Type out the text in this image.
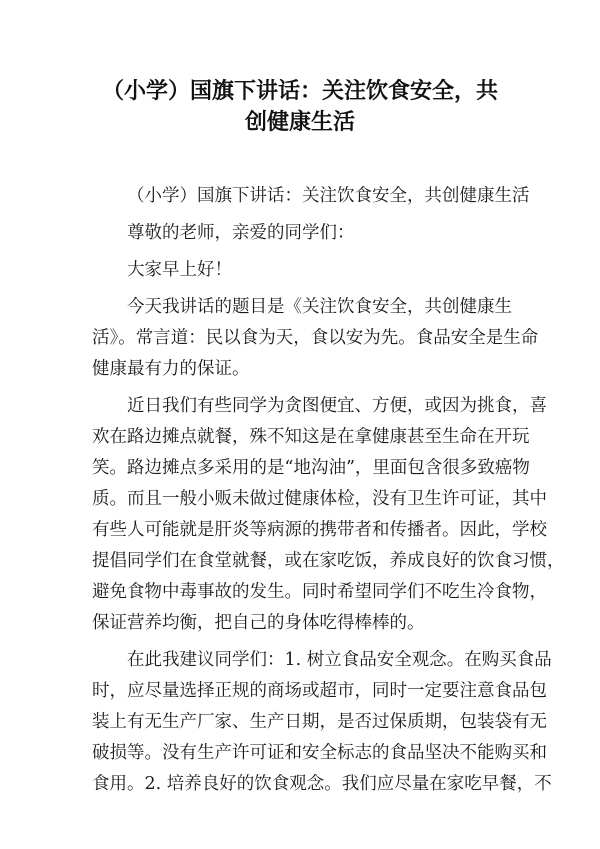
（小学）国旗下讲话：关注饮食安全，共
创健康生活
（小学）国旗下讲话：关注饮食安全，共创健康生活
尊敬的老师，亲爱的同学们：
大家早上好！
今天我讲话的题目是《关注饮食安全，共创健康生
活》。常言道：民以食为天，食以安为先。食品安全是生命
健康最有力的保证。
近日我们有些同学为贪图便宜、方便，或因为挑食，喜
欢在路边摊点就餐，殊不知这是在拿健康甚至生命在开玩
笑。路边摊点多采用的是“地沟油”，里面包含很多致癌物
质。而且一般小贩未做过健康体检，没有卫生许可证，其中
有些人可能就是肝炎等病源的携带者和传播者。因此，学校
提倡同学们在食堂就餐，或在家吃饭，养成良好的饮食习惯，
避免食物中毒事故的发生。同时希望同学们不吃生冷食物，
保证营养均衡，把自己的身体吃得棒棒的。
在此我建议同学们：1. 树立食品安全观念。在购买食品
时，应尽量选择正规的商场或超市，同时一定要注意食品包
装上有无生产厂家、生产日期，是否过保质期，包装袋有无
破损等。没有生产许可证和安全标志的食品坚决不能购买和
食用。2. 培养良好的饮食观念。我们应尽量在家吃早餐，不
